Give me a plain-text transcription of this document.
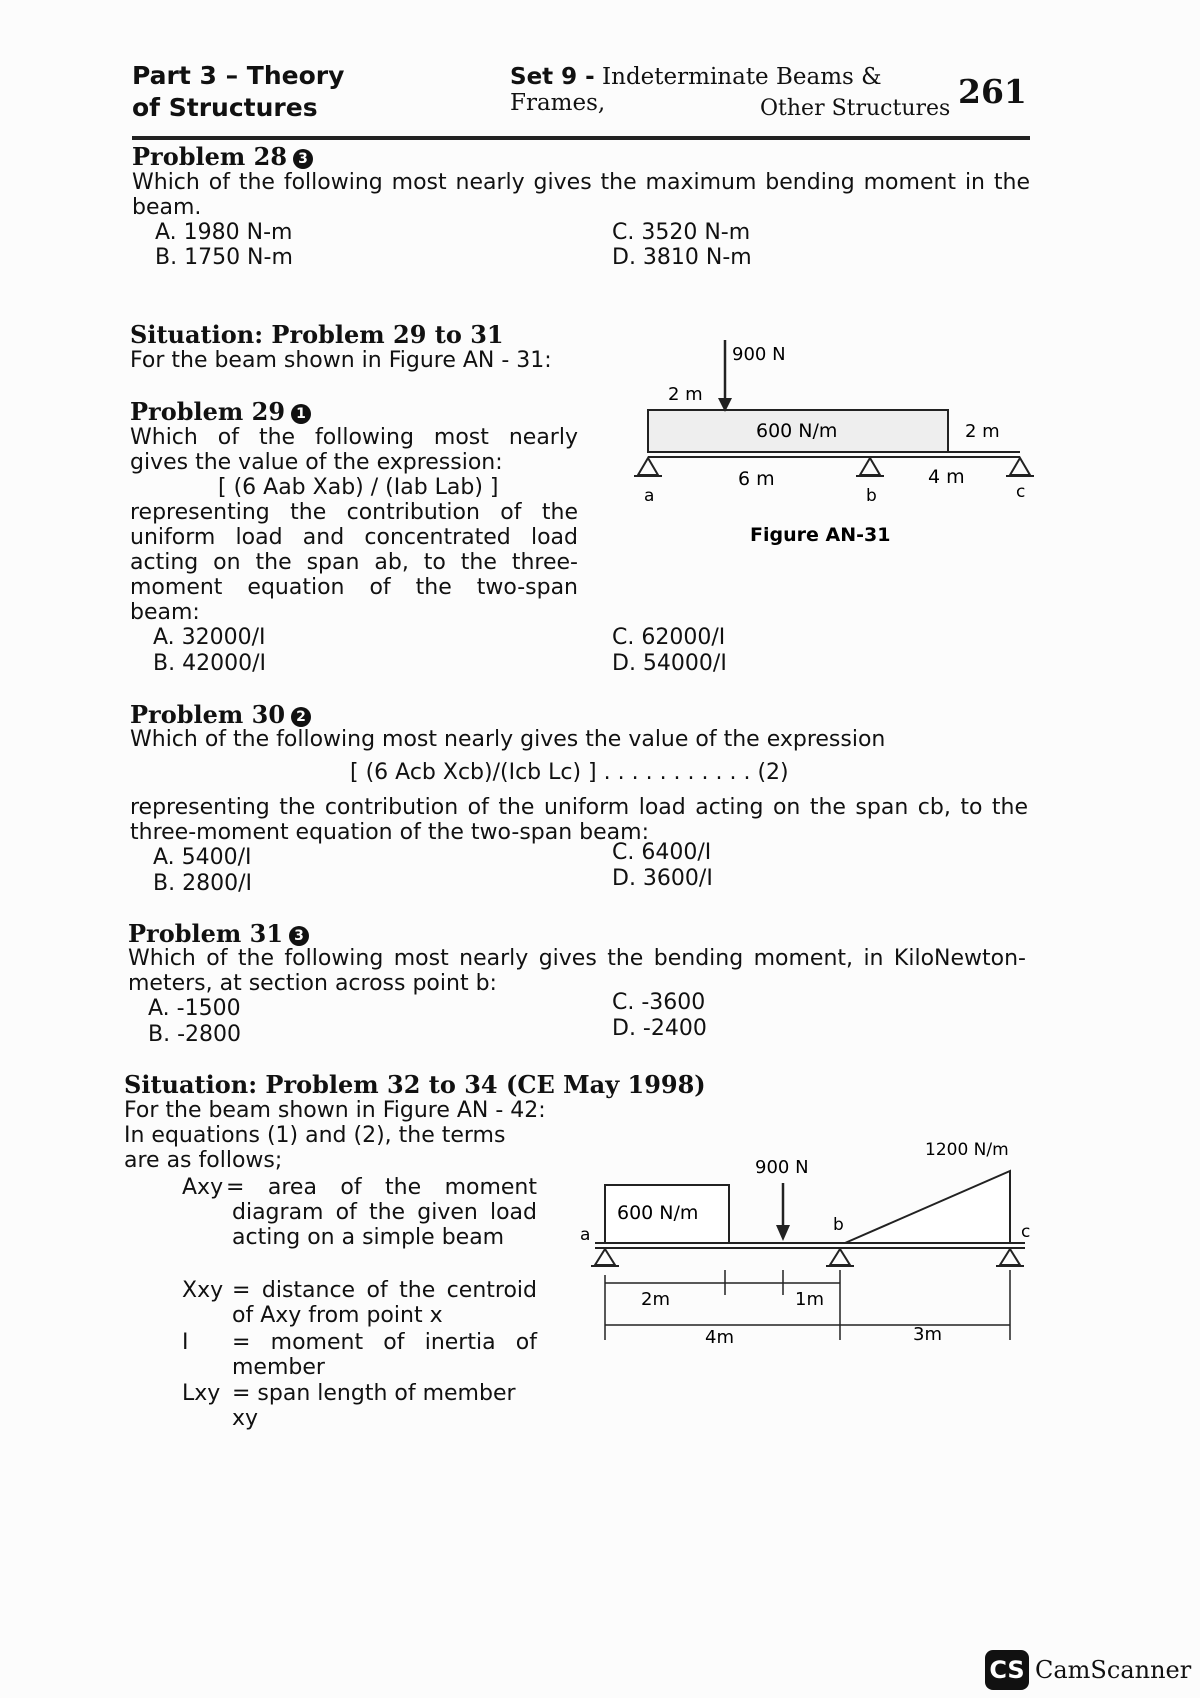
Part 3 – Theory
of Structures
Set 9 - Indeterminate Beams & Frames,	Other Structures 261
Problem 28 3
Which of the following most nearly gives the maximum bending moment in the beam.
A. 1980 N-m
B. 1750 N-m
C. 3520 N-m
D. 3810 N-m
Situation: Problem 29 to 31
For the beam shown in Figure AN - 31:
Problem 29 1
Which of the following most nearly gives the value of the expression:
[ (6 Aab Xab) / (Iab Lab) ]
representing the contribution of the uniform load and concentrated load acting on the span ab, to the three-moment equation of the two-span beam:
A. 32000/I
B. 42000/I
C. 62000/I
D. 54000/I
900 N
2 m
600 N/m	2 m
6 m	4 m
a	b	c
Figure AN-31
Problem 30 2
Which of the following most nearly gives the value of the expression
[ (6 Acb Xcb)/(Icb Lc) ] . . . . . . . . . . . (2)
representing the contribution of the uniform load acting on the span cb, to the three-moment equation of the two-span beam:
A. 5400/I
B. 2800/I
C. 6400/I
D. 3600/I
Problem 31 3
Which of the following most nearly gives the bending moment, in KiloNewton-meters, at section across point b:
A. -1500
B. -2800
C. -3600
D. -2400
Situation: Problem 32 to 34 (CE May 1998)
For the beam shown in Figure AN - 42:
In equations (1) and (2), the terms are as follows;
Axy = area of the moment diagram of the given load acting on a simple beam
Xxy = distance of the centroid of Axy from point x
I = moment of inertia of member
Lxy = span length of member xy
900 N
600 N/m
1200 N/m
2m	1m
4m	3m
a	b	c
CS CamScanner
